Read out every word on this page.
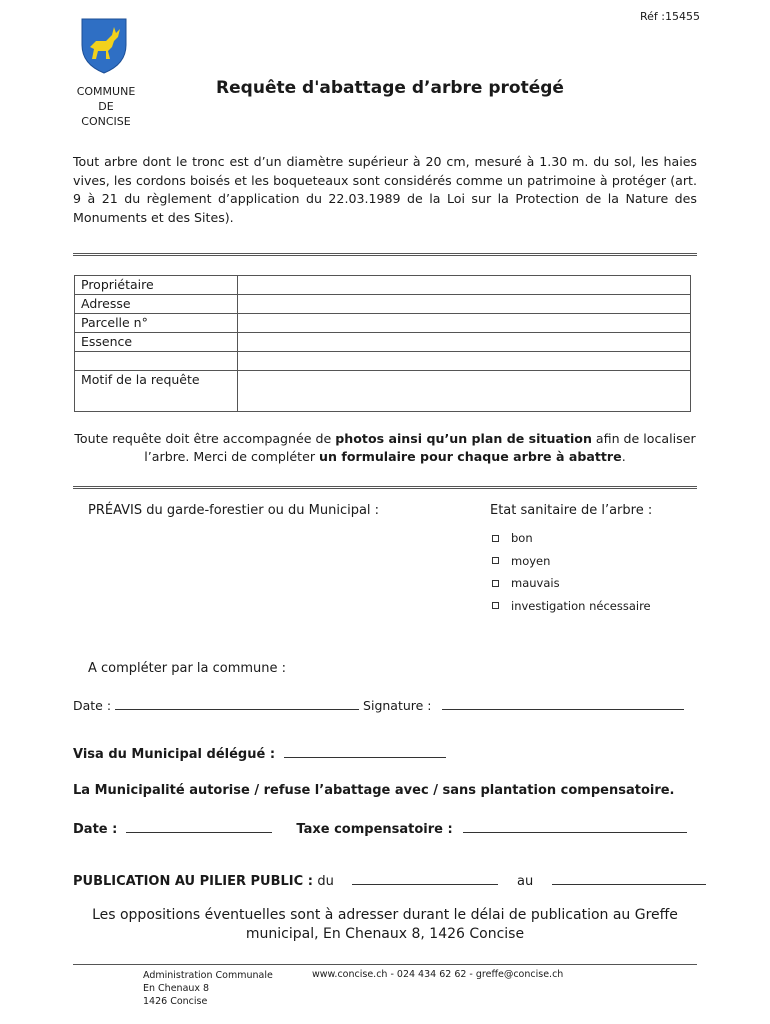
Réf :15455
COMMUNE
DE
CONCISE
Requête d'abattage d’arbre protégé
Tout arbre dont le tronc est d’un diamètre supérieur à 20 cm, mesuré à 1.30 m. du sol, les haies vives, les cordons boisés et les boqueteaux sont considérés comme un patrimoine à protéger (art. 9 à 21 du règlement d’application du 22.03.1989 de la Loi sur la Protection de la Nature des Monuments et des Sites).
Propriétaire	
Adresse	
Parcelle n°	
Essence	

Motif de la requête	
Toute requête doit être accompagnée de photos ainsi qu’un plan de situation afin de localiser l’arbre. Merci de compléter un formulaire pour chaque arbre à abattre.
PRÉAVIS du garde-forestier ou du Municipal :	Etat sanitaire de l’arbre :
bon
moyen
mauvais
investigation nécessaire
A compléter par la commune :
Date :	Signature :
Visa du Municipal délégué :
La Municipalité autorise / refuse l’abattage avec / sans plantation compensatoire.
Date :	Taxe compensatoire :
PUBLICATION AU PILIER PUBLIC : du	au
Les oppositions éventuelles sont à adresser durant le délai de publication au Greffe municipal, En Chenaux 8, 1426 Concise
Administration Communale
En Chenaux 8
1426 Concise
www.concise.ch - 024 434 62 62 - greffe@concise.ch
